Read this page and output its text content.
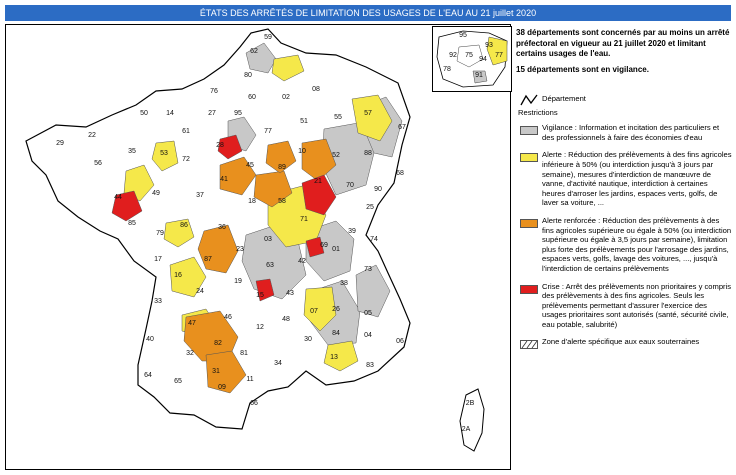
ÉTATS DES ARRÊTÉS DE LIMITATION DES USAGES DE L'EAU AU 21 juillet 2020
62
59
80
02
08
76
60
51
55
57
67
14	27	95
10
52	88
68
50
61
28
77
22
29
35	53
72
45	89
21
70
90
25
56
44
49	37
41
18	58
71
39
85	86	36
03
01
74
79
17	87
23
63
42
69
73
16
24
19
15	43
38
05
33
46
12
48
07 26
47
82
81
30
84	04
06
40
32
31
34
13
83
64
65
09
11
66	2B
2A
95
93
92 75
94
77
91
78

38 départements sont concernés par au moins un arrêté préfectoral en vigueur au 21 juillet 2020 et limitant certains usages de l'eau.

15 départements sont en vigilance.

Département
Restrictions
Vigilance : Information et incitation des particuliers et des professionnels à faire des économies d'eau
Alerte : Réduction des prélèvements à des fins agricoles inférieure à 50% (ou interdiction jusqu'à 3 jours par semaine), mesures d'interdiction de manœuvre de vanne, d'activité nautique, interdiction à certaines heures d'arroser les jardins, espaces verts, golfs, de laver sa voiture, ...
Alerte renforcée : Réduction des prélèvements à des fins agricoles supérieure ou égale à 50% (ou interdiction supérieure ou égale à 3,5 jours par semaine), limitation plus forte des prélèvements pour l'arrosage des jardins, espaces verts, golfs, lavage des voitures, ..., jusqu'à l'interdiction de certains prélèvements
Crise : Arrêt des prélèvements non prioritaires y compris des prélèvements à des fins agricoles. Seuls les prélèvements permettant d'assurer l'exercice des usages prioritaires sont autorisés (santé, sécurité civile, eau potable, salubrité)
Zone d'alerte spécifique aux eaux souterraines
